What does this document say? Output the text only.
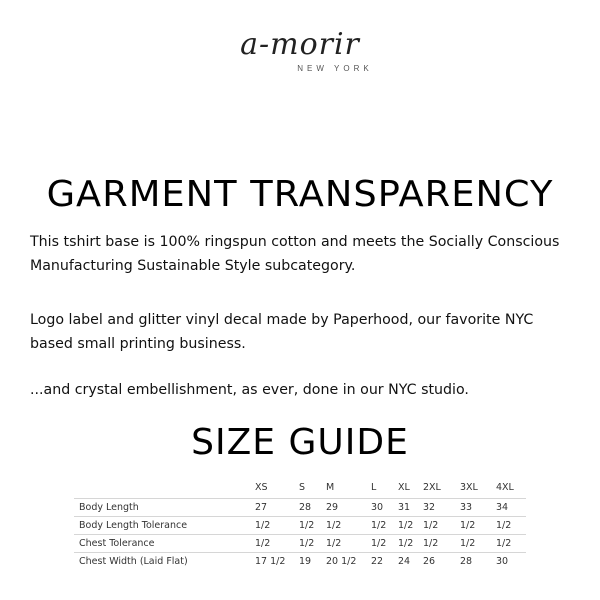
a-morir
NEW YORK
GARMENT TRANSPARENCY
This tshirt base is 100% ringspun cotton and meets the Socially Conscious Manufacturing Sustainable Style subcategory.
Logo label and glitter vinyl decal made by Paperhood, our favorite NYC based small printing business.
...and crystal embellishment, as ever, done in our NYC studio.
SIZE GUIDE
	XS	S	M	L	XL	2XL	3XL	4XL
Body Length	27	28	29	30	31	32	33	34
Body Length Tolerance	1/2	1/2	1/2	1/2	1/2	1/2	1/2	1/2
Chest Tolerance	1/2	1/2	1/2	1/2	1/2	1/2	1/2	1/2
Chest Width (Laid Flat)	17 1/2	19	20 1/2	22	24	26	28	30
